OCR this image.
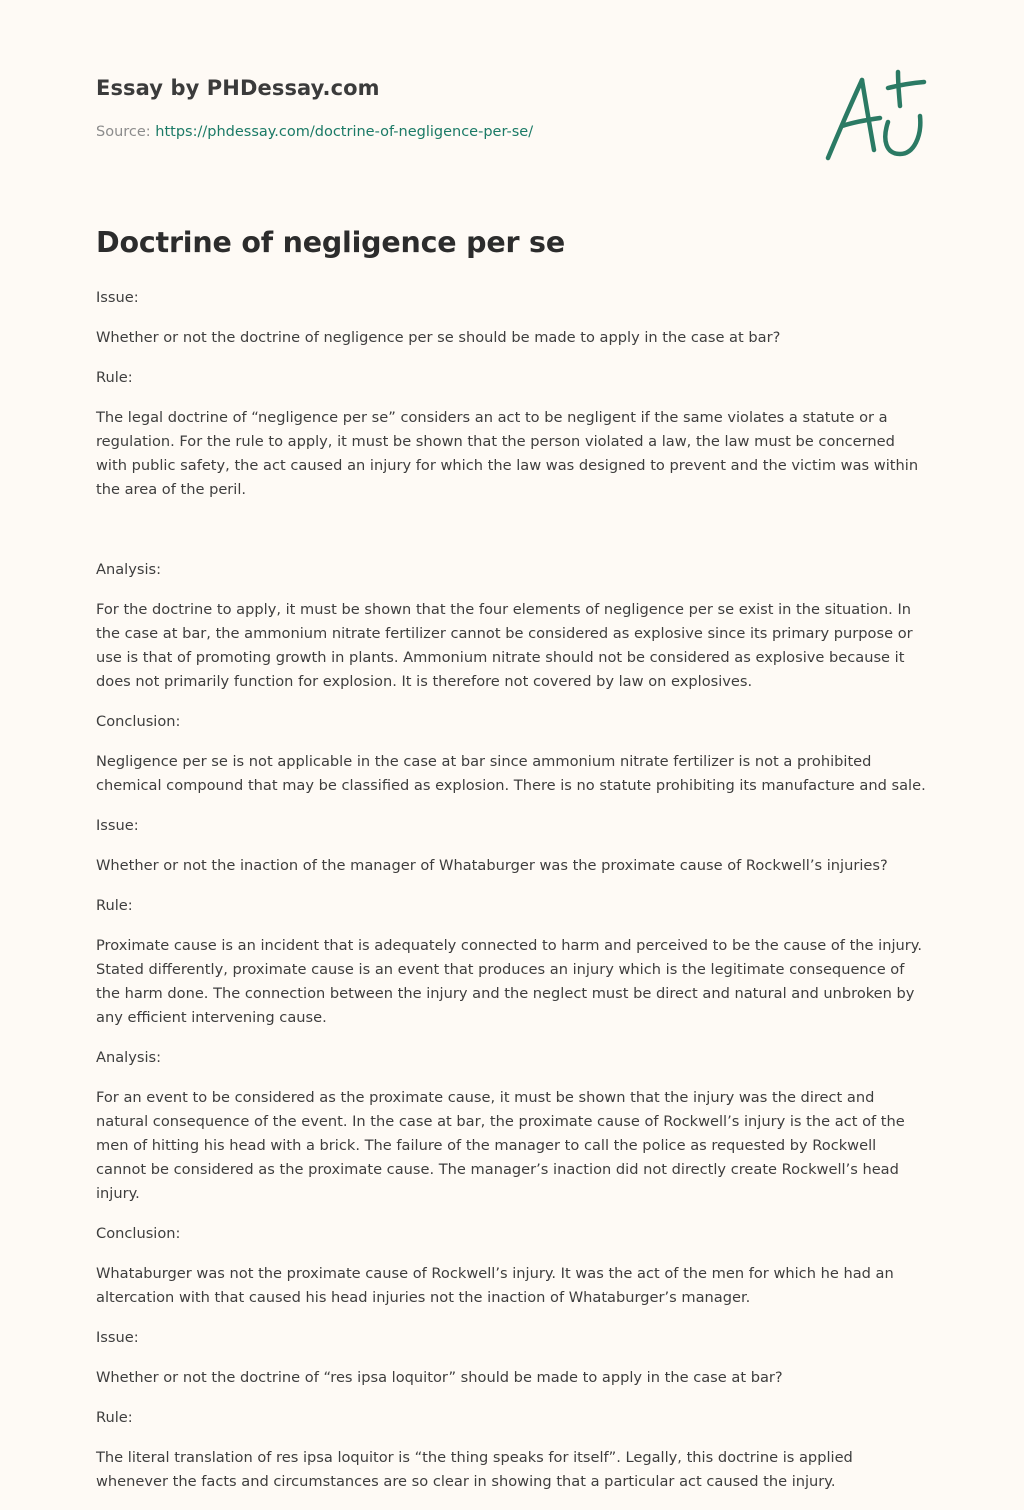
Essay by PHDessay.com
Source: https://phdessay.com/doctrine-of-negligence-per-se/
Doctrine of negligence per se

Issue:

Whether or not the doctrine of negligence per se should be made to apply in the case at bar?

Rule:

The legal doctrine of “negligence per se” considers an act to be negligent if the same violates a statute or a regulation. For the rule to apply, it must be shown that the person violated a law, the law must be concerned with public safety, the act caused an injury for which the law was designed to prevent and the victim was within the area of the peril.

Analysis:

For the doctrine to apply, it must be shown that the four elements of negligence per se exist in the situation. In the case at bar, the ammonium nitrate fertilizer cannot be considered as explosive since its primary purpose or use is that of promoting growth in plants. Ammonium nitrate should not be considered as explosive because it does not primarily function for explosion. It is therefore not covered by law on explosives.

Conclusion:

Negligence per se is not applicable in the case at bar since ammonium nitrate fertilizer is not a prohibited chemical compound that may be classified as explosion. There is no statute prohibiting its manufacture and sale.

Issue:

Whether or not the inaction of the manager of Whataburger was the proximate cause of Rockwell’s injuries?

Rule:

Proximate cause is an incident that is adequately connected to harm and perceived to be the cause of the injury. Stated differently, proximate cause is an event that produces an injury which is the legitimate consequence of the harm done. The connection between the injury and the neglect must be direct and natural and unbroken by any efficient intervening cause.

Analysis:

For an event to be considered as the proximate cause, it must be shown that the injury was the direct and natural consequence of the event. In the case at bar, the proximate cause of Rockwell’s injury is the act of the men of hitting his head with a brick. The failure of the manager to call the police as requested by Rockwell cannot be considered as the proximate cause. The manager’s inaction did not directly create Rockwell’s head injury.

Conclusion:

Whataburger was not the proximate cause of Rockwell’s injury. It was the act of the men for which he had an altercation with that caused his head injuries not the inaction of Whataburger’s manager.

Issue:

Whether or not the doctrine of “res ipsa loquitor” should be made to apply in the case at bar?

Rule:

The literal translation of res ipsa loquitor is “the thing speaks for itself”. Legally, this doctrine is applied whenever the facts and circumstances are so clear in showing that a particular act caused the injury.
